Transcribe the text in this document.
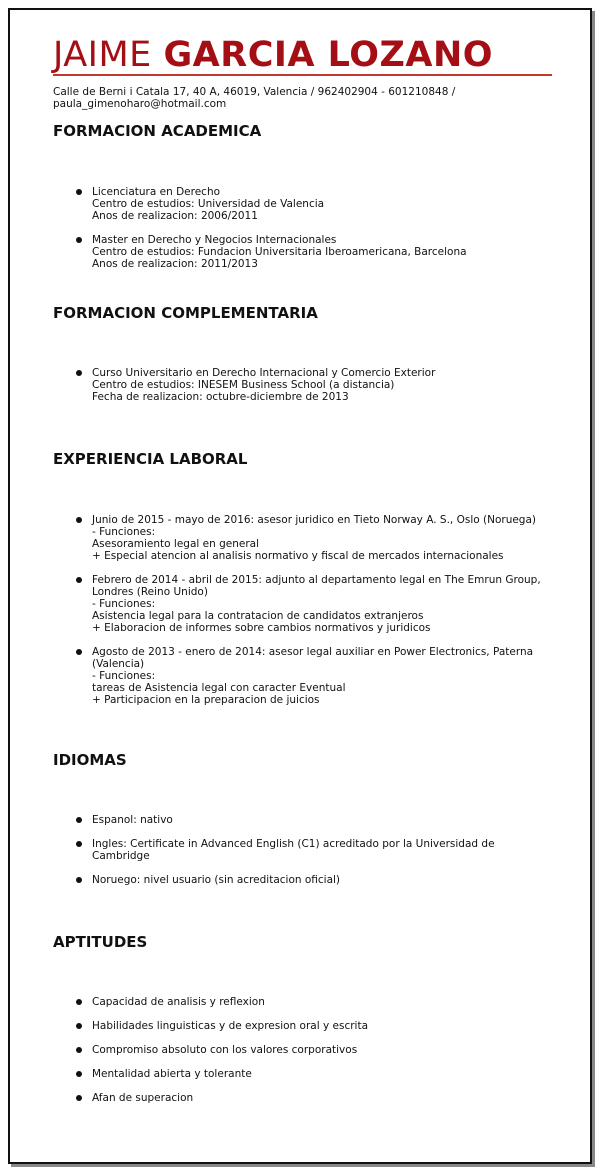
JAIME GARCIA LOZANO
Calle de Berni i Catala 17, 40 A, 46019, Valencia / 962402904 - 601210848 /
paula_gimenoharo@hotmail.com
FORMACION ACADEMICA
Licenciatura en Derecho
Centro de estudios: Universidad de Valencia
Anos de realizacion: 2006/2011
Master en Derecho y Negocios Internacionales
Centro de estudios: Fundacion Universitaria Iberoamericana, Barcelona
Anos de realizacion: 2011/2013
FORMACION COMPLEMENTARIA
Curso Universitario en Derecho Internacional y Comercio Exterior
Centro de estudios: INESEM Business School (a distancia)
Fecha de realizacion: octubre-diciembre de 2013
EXPERIENCIA LABORAL
Junio de 2015 - mayo de 2016: asesor juridico en Tieto Norway A. S., Oslo (Noruega)
- Funciones:
Asesoramiento legal en general
+ Especial atencion al analisis normativo y fiscal de mercados internacionales
Febrero de 2014 - abril de 2015: adjunto al departamento legal en The Emrun Group,
Londres (Reino Unido)
- Funciones:
Asistencia legal para la contratacion de candidatos extranjeros
+ Elaboracion de informes sobre cambios normativos y juridicos
Agosto de 2013 - enero de 2014: asesor legal auxiliar en Power Electronics, Paterna
(Valencia)
- Funciones:
tareas de Asistencia legal con caracter Eventual
+ Participacion en la preparacion de juicios
IDIOMAS
Espanol: nativo
Ingles: Certificate in Advanced English (C1) acreditado por la Universidad de
Cambridge
Noruego: nivel usuario (sin acreditacion oficial)
APTITUDES
Capacidad de analisis y reflexion
Habilidades linguisticas y de expresion oral y escrita
Compromiso absoluto con los valores corporativos
Mentalidad abierta y tolerante
Afan de superacion
